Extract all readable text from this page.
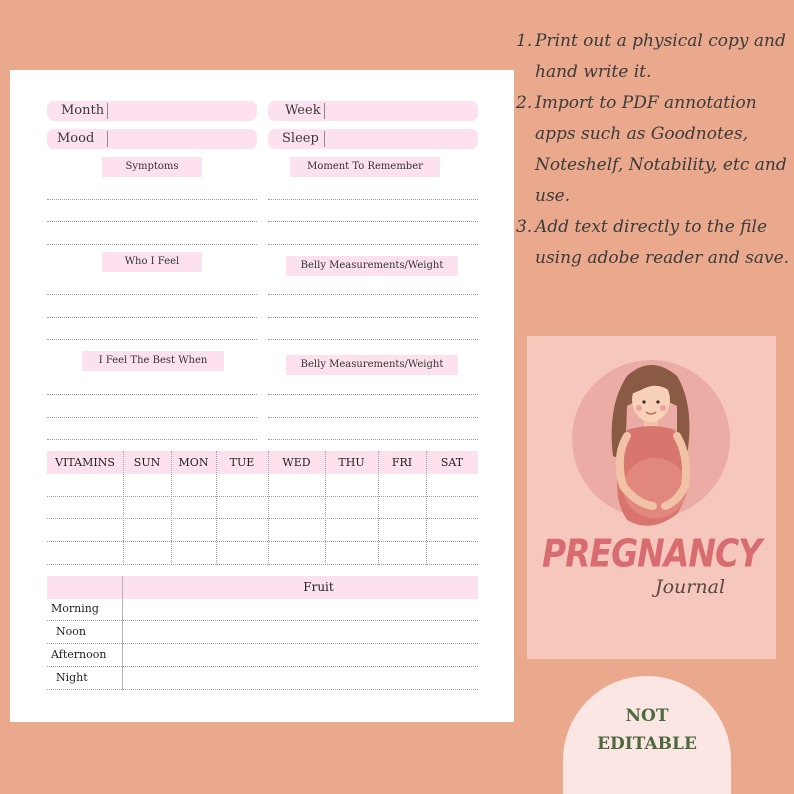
Month	Week
Mood	Sleep
Symptoms	Moment To Remember
Who I Feel	Belly Measurements/Weight
I Feel The Best When	Belly Measurements/Weight
VITAMINS	SUN	MON	TUE	WED	THU	FRI	SAT
Fruit
Morning
Noon
Afternoon
Night
1. Print out a physical copy and hand write it.
2. Import to PDF annotation apps such as Goodnotes, Noteshelf, Notability, etc and use.
3. Add text directly to the file using adobe reader and save.
PREGNANCY
Journal
NOT
EDITABLE
